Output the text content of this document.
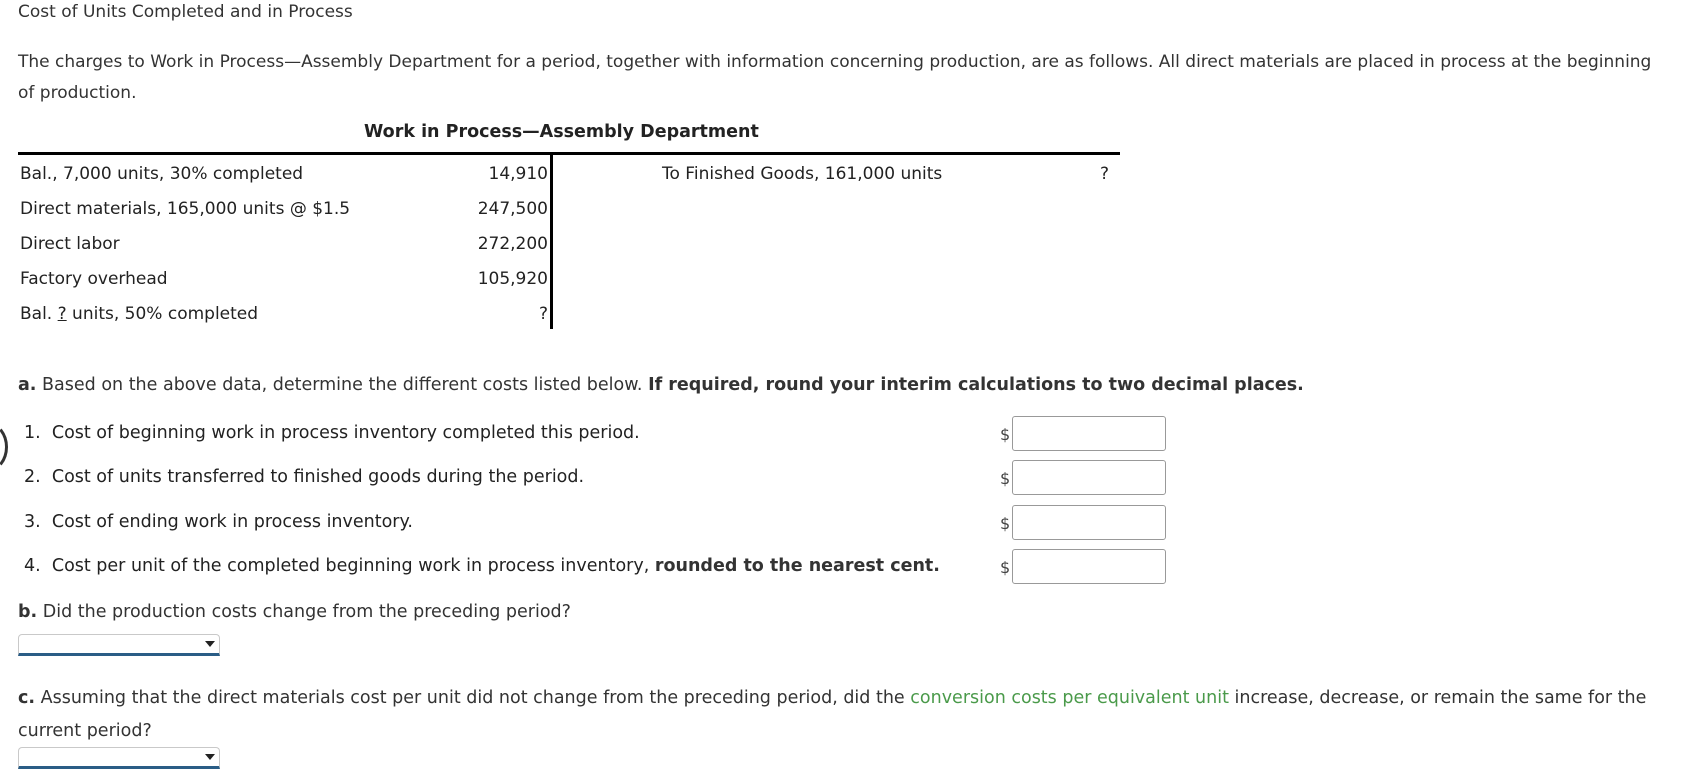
Cost of Units Completed and in Process
The charges to Work in Process—Assembly Department for a period, together with information concerning production, are as follows. All direct materials are placed in process at the beginning of production.
Work in Process—Assembly Department
Bal., 7,000 units, 30% completed	14,910
Direct materials, 165,000 units @ $1.5	247,500
Direct labor	272,200
Factory overhead	105,920
Bal. ? units, 50% completed	?
To Finished Goods, 161,000 units	?
a. Based on the above data, determine the different costs listed below. If required, round your interim calculations to two decimal places.
1. Cost of beginning work in process inventory completed this period.	$
2. Cost of units transferred to finished goods during the period.	$
3. Cost of ending work in process inventory.	$
4. Cost per unit of the completed beginning work in process inventory, rounded to the nearest cent.	$
b. Did the production costs change from the preceding period?
c. Assuming that the direct materials cost per unit did not change from the preceding period, did the conversion costs per equivalent unit increase, decrease, or remain the same for the current period?
